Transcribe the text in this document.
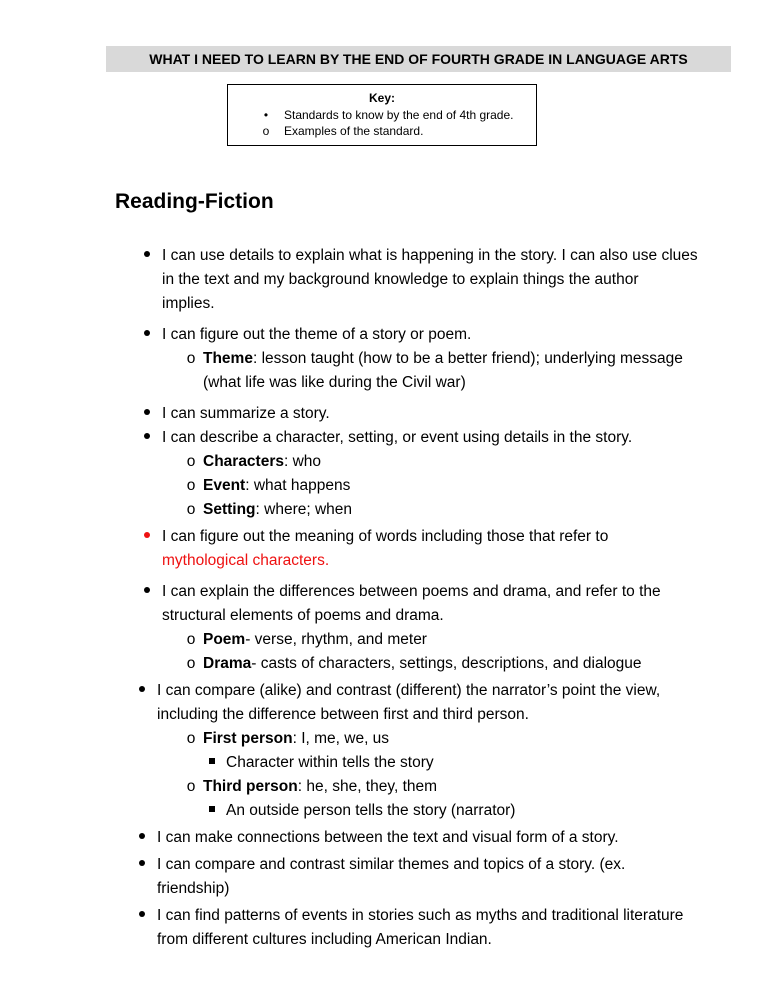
WHAT I NEED TO LEARN BY THE END OF FOURTH GRADE IN LANGUAGE ARTS
Key:
•	Standards to know by the end of 4th grade.
o Examples of the standard.
Reading-Fiction
I can use details to explain what is happening in the story. I can also use clues
in the text and my background knowledge to explain things the author
implies.
I can figure out the theme of a story or poem.
o Theme: lesson taught (how to be a better friend); underlying message
(what life was like during the Civil war)
I can summarize a story.
I can describe a character, setting, or event using details in the story.
o Characters: who
o Event: what happens
o Setting: where; when
I can figure out the meaning of words including those that refer to
mythological characters.
I can explain the differences between poems and drama, and refer to the
structural elements of poems and drama.
o Poem- verse, rhythm, and meter
o Drama- casts of characters, settings, descriptions, and dialogue
I can compare (alike) and contrast (different) the narrator’s point the view,
including the difference between first and third person.
o First person: I, me, we, us
Character within tells the story
o Third person: he, she, they, them
An outside person tells the story (narrator)
I can make connections between the text and visual form of a story.
I can compare and contrast similar themes and topics of a story. (ex.
friendship)
I can find patterns of events in stories such as myths and traditional literature
from different cultures including American Indian.
